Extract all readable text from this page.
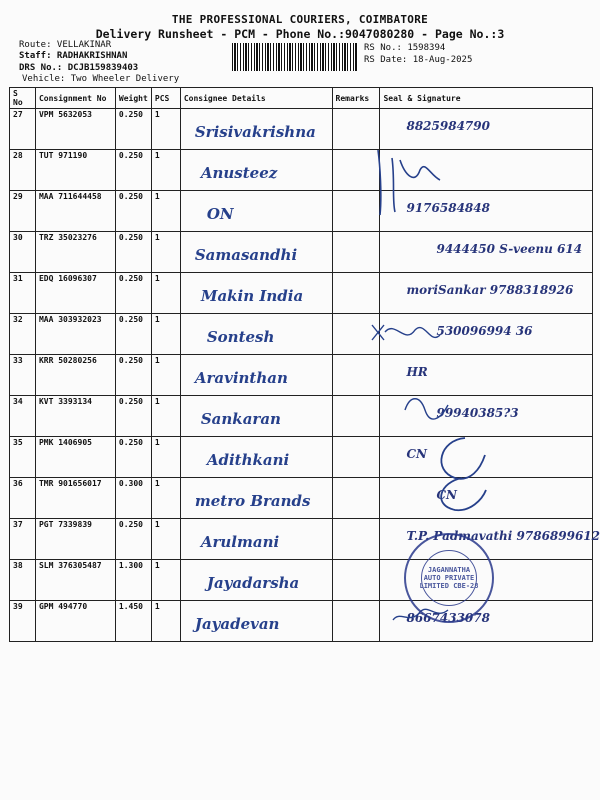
THE PROFESSIONAL COURIERS, COIMBATORE
Delivery Runsheet - PCM - Phone No.:9047080280 - Page No.:3
Route: VELLAKINAR
Staff: RADHAKRISHNAN
DRS No.: DCJB159839403
Vehicle: Two Wheeler Delivery
RS No.: 1598394
RS Date: 18-Aug-2025
S No	Consignment No	Weight	PCS	Consignee Details	Remarks	Seal & Signature
27	VPM 5632053	0.250	1	Srisivakrishna		8825984790

28	TUT 971190	0.250	1	Anusteez		

29	MAA 711644458	0.250	1	ON		9176584848

30	TRZ 35023276	0.250	1	Samasandhi		9444450 S-veenu 614

31	EDQ 16096307	0.250	1	Makin India		moriSankar 9788318926

32	MAA 303932023	0.250	1	Sontesh		530096994 36

33	KRR 50280256	0.250	1	Aravinthan		HR

34	KVT 3393134	0.250	1	Sankaran		99940385?3

35	PMK 1406905	0.250	1	Adithkani		CN

36	TMR 901656017	0.300	1	metro Brands		CN

37	PGT 7339839	0.250	1	Arulmani		T.P. Padmavathi 9786899612

38	SLM 376305487	1.300	1	Jayadarsha		

39	GPM 494770	1.450	1	Jayadevan		8667433078
JAGANNATHA AUTO PRIVATE LIMITED CBE-28
